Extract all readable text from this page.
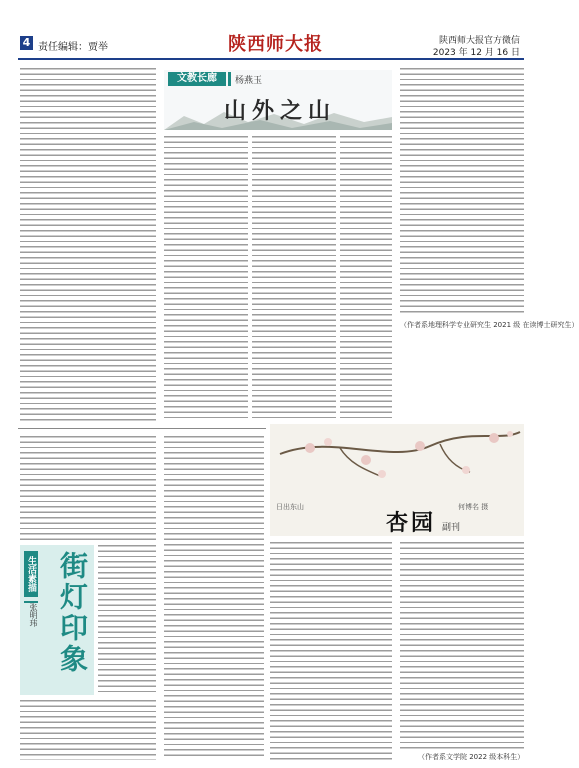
4 责任编辑：贾举	陕西师大报	陕西师大报官方微信
2023 年 12 月 16 日
（作者系地理科学专业研究生 2021 级 在读博士研究生）
文教长廊	杨燕玉
山外之山
日出东山	何博名 摄
杏园 副刊
生活素描
张明玮 街灯印象
（作者系文学院 2022 级本科生）
